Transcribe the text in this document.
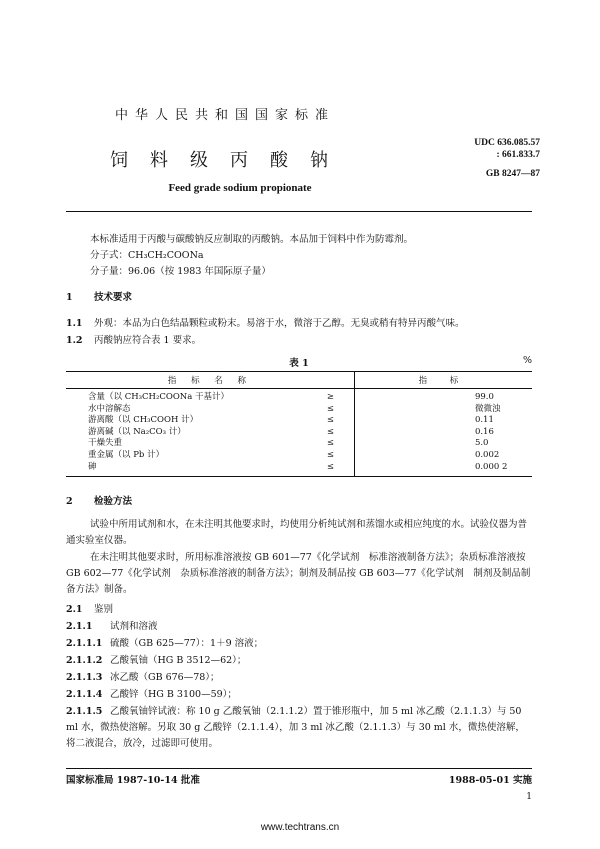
中华人民共和国国家标准
饲料级丙酸钠
Feed grade sodium propionate
UDC 636.085.57
: 661.833.7
GB 8247—87
本标准适用于丙酸与碳酸钠反应制取的丙酸钠。本品加于饲料中作为防霉剂。
分子式：CH₃CH₂COONa
分子量：96.06（按 1983 年国际原子量）
1 技术要求
1.1 外观：本品为白色结晶颗粒或粉末。易溶于水，微溶于乙醇。无臭或稍有特异丙酸气味。
1.2 丙酸钠应符合表 1 要求。
表 1	%
指 标 名 称		指 标
含量（以 CH₃CH₂COONa 干基计）	≥	99.0
水中溶解态	≤	微微浊
游离酸（以 CH₃COOH 计）	≤	0.11
游离碱（以 Na₂CO₃ 计）	≤	0.16
干燥失重	≤	5.0
重金属（以 Pb 计）	≤	0.002
砷	≤	0.000 2
2 检验方法
试验中所用试剂和水，在未注明其他要求时，均使用分析纯试剂和蒸馏水或相应纯度的水。试验仪器为普通实验室仪器。
在未注明其他要求时，所用标准溶液按 GB 601—77《化学试剂　标准溶液制备方法》；杂质标准溶液按 GB 602—77《化学试剂　杂质标准溶液的制备方法》；制剂及制品按 GB 603—77《化学试剂　制剂及制品制备方法》制备。
2.1 鉴别
2.1.1 试剂和溶液
2.1.1.1 硫酸（GB 625—77）：1＋9 溶液；
2.1.1.2 乙酸氧铀（HG B 3512—62）；
2.1.1.3 冰乙酸（GB 676—78）；
2.1.1.4 乙酸锌（HG B 3100—59）；
2.1.1.5 乙酸氧铀锌试液：称 10 g 乙酸氧铀（2.1.1.2）置于锥形瓶中，加 5 ml 冰乙酸（2.1.1.3）与 50 ml 水，微热使溶解。另取 30 g 乙酸锌（2.1.1.4），加 3 ml 冰乙酸（2.1.1.3）与 30 ml 水，微热使溶解，将二液混合，放冷，过滤即可使用。
国家标准局 1987-10-14 批准	1988-05-01 实施
1
www.techtrans.cn
